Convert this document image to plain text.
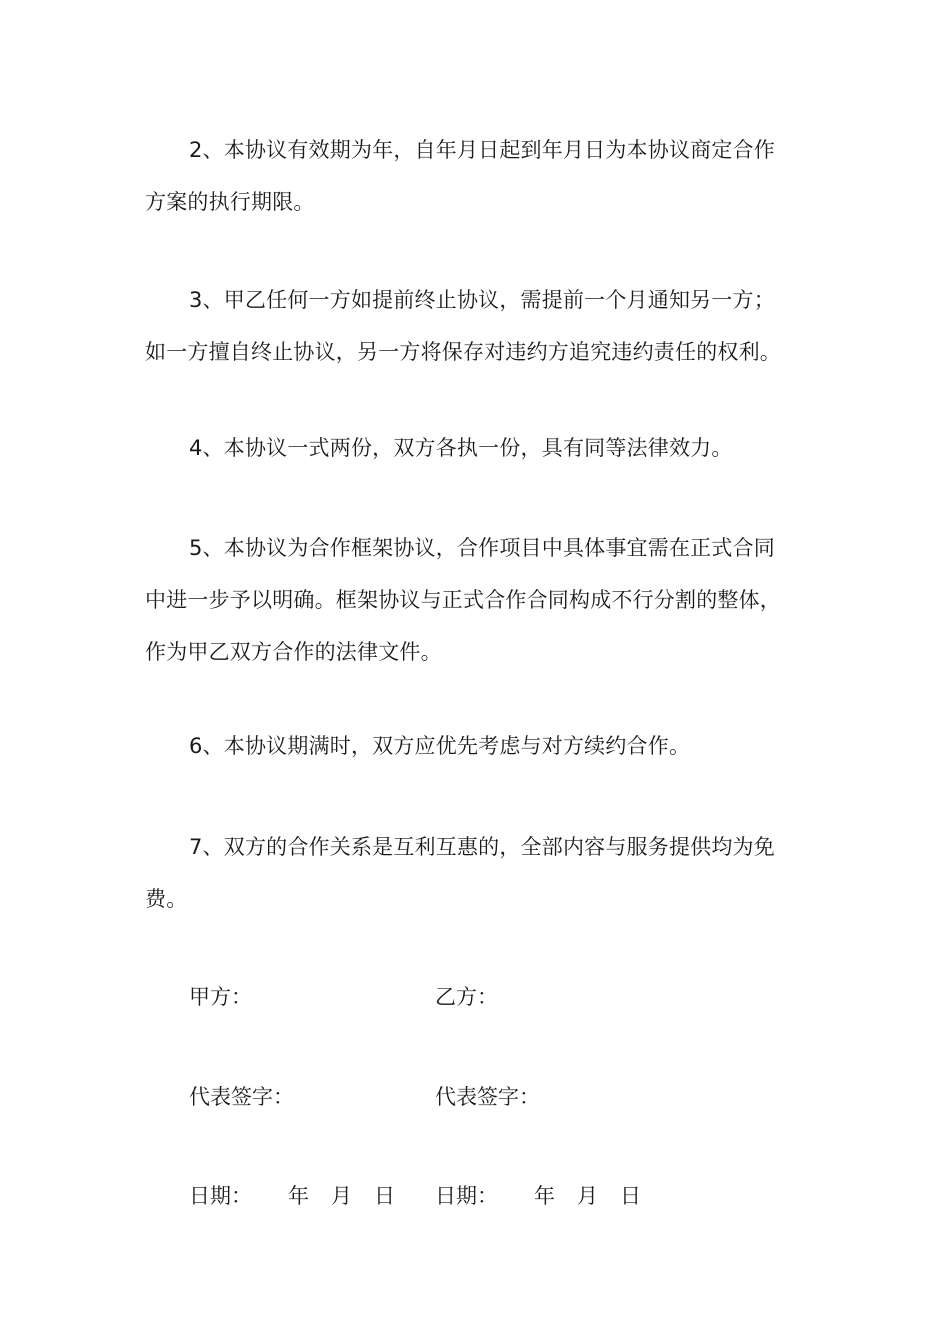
2、本协议有效期为年，自年月日起到年月日为本协议商定合作
方案的执行期限。

3、甲乙任何一方如提前终止协议，需提前一个月通知另一方；
如一方擅自终止协议，另一方将保存对违约方追究违约责任的权利。

4、本协议一式两份，双方各执一份，具有同等法律效力。

5、本协议为合作框架协议，合作项目中具体事宜需在正式合同
中进一步予以明确。框架协议与正式合作合同构成不行分割的整体，
作为甲乙双方合作的法律文件。

6、本协议期满时，双方应优先考虑与对方续约合作。

7、双方的合作关系是互利互惠的，全部内容与服务提供均为免
费。

甲方：	乙方：
代表签字：	代表签字：
日期： 年 月 日 日期： 年 月 日
